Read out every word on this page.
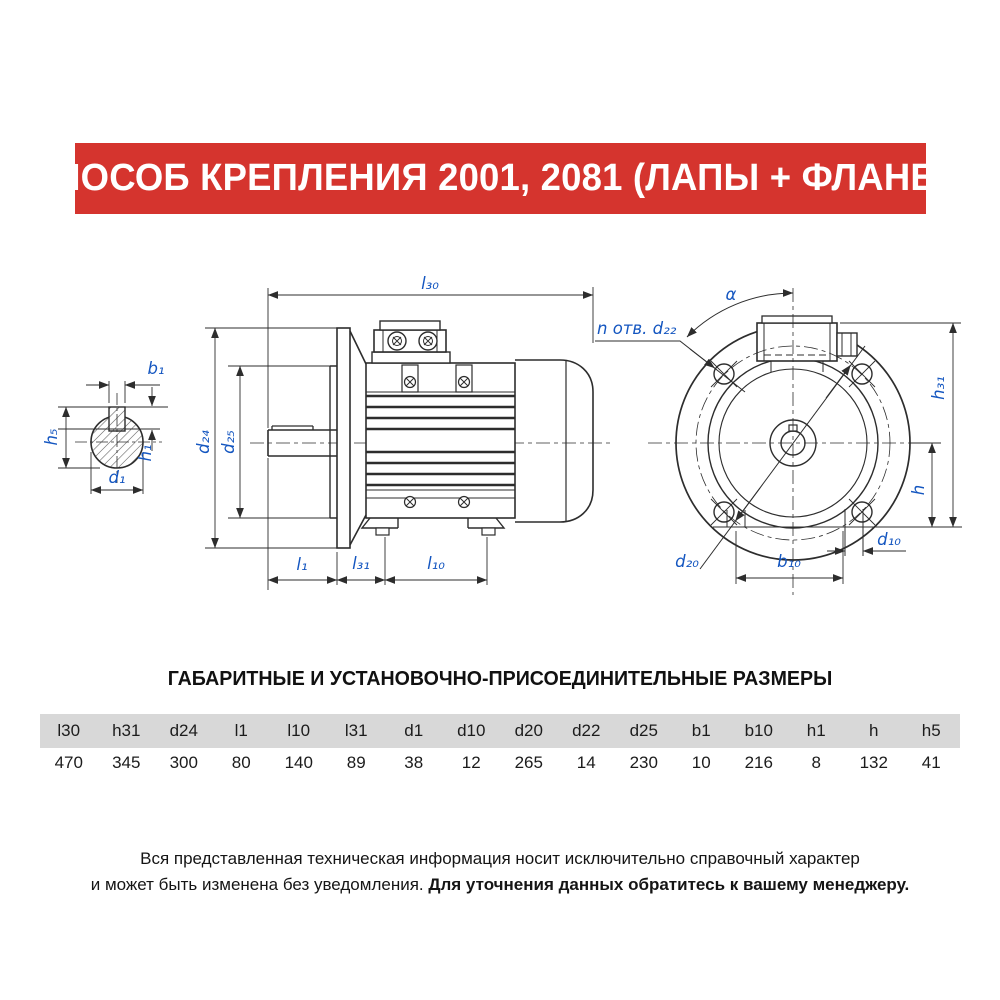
СПОСОБ КРЕПЛЕНИЯ 2001, 2081 (ЛАПЫ + ФЛАНЕЦ)
b₁
h₅
h₁
d₁
l₃₀
d₂₄ d₂₅
l₁	l₃₁	l₁₀
n отв. d₂₂
α
d₂₀	b₁₀
d₁₀
h
h₃₁
ГАБАРИТНЫЕ И УСТАНОВОЧНО-ПРИСОЕДИНИТЕЛЬНЫЕ РАЗМЕРЫ
l30	h31	d24	l1	l10	l31	d1	d10	d20	d22	d25	b1	b10	h1	h	h5
470	345	300	80	140	89	38	12	265	14	230	10	216	8	132	41
Вся представленная техническая информация носит исключительно справочный характер
и может быть изменена без уведомления. Для уточнения данных обратитесь к вашему менеджеру.
